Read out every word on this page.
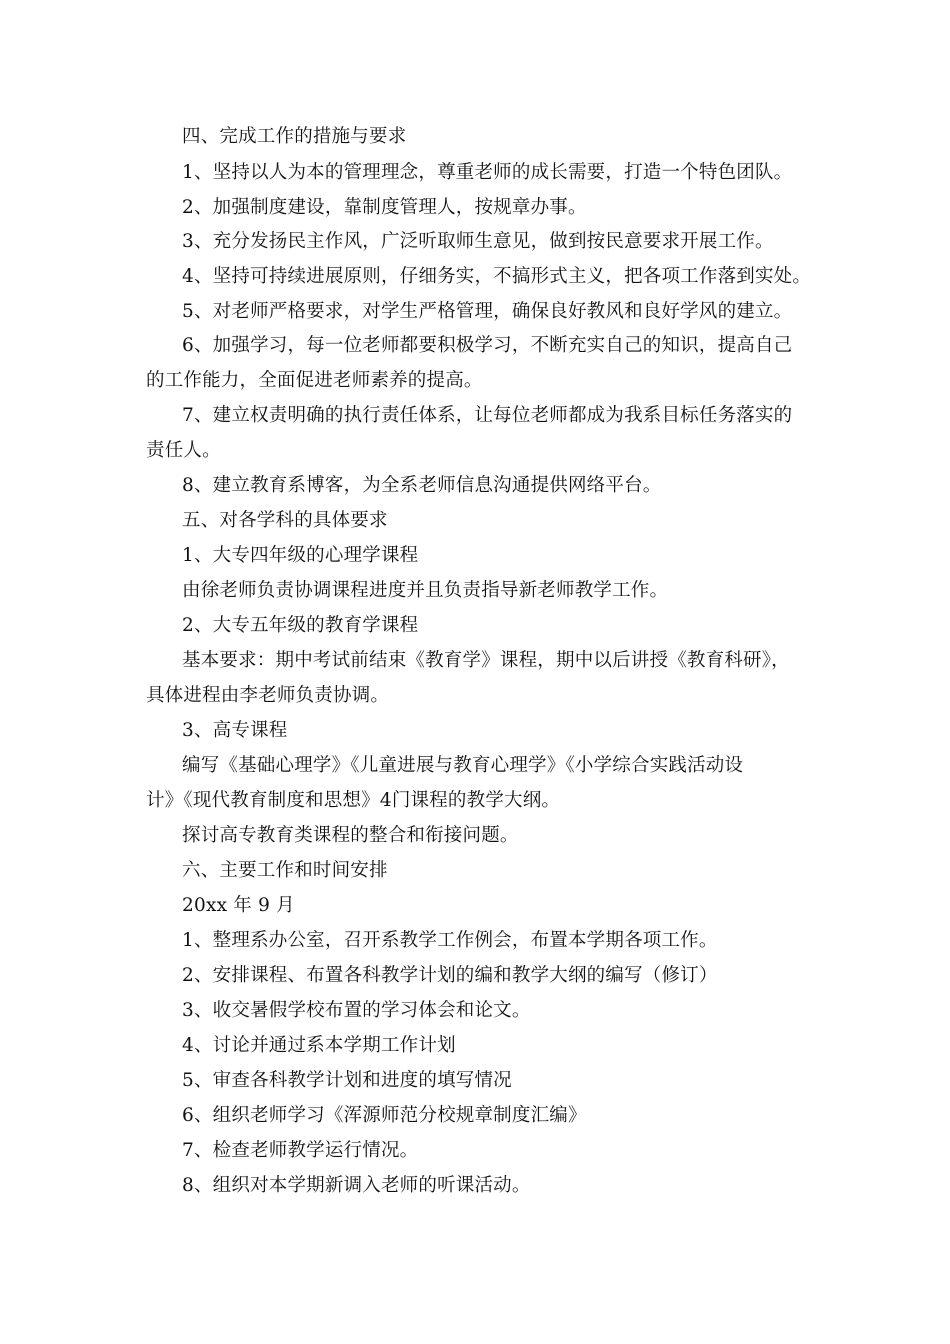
四、完成工作的措施与要求
1、坚持以人为本的管理理念，尊重老师的成长需要，打造一个特色团队。
2、加强制度建设，靠制度管理人，按规章办事。
3、充分发扬民主作风，广泛听取师生意见，做到按民意要求开展工作。
4、坚持可持续进展原则，仔细务实，不搞形式主义，把各项工作落到实处。
5、对老师严格要求，对学生严格管理，确保良好教风和良好学风的建立。
6、加强学习，每一位老师都要积极学习，不断充实自己的知识，提高自己
的工作能力，全面促进老师素养的提高。
7、建立权责明确的执行责任体系，让每位老师都成为我系目标任务落实的
责任人。
8、建立教育系博客，为全系老师信息沟通提供网络平台。
五、对各学科的具体要求
1、大专四年级的心理学课程
由徐老师负责协调课程进度并且负责指导新老师教学工作。
2、大专五年级的教育学课程
基本要求：期中考试前结束《教育学》课程，期中以后讲授《教育科研》，
具体进程由李老师负责协调。
3、高专课程
编写《基础心理学》《儿童进展与教育心理学》《小学综合实践活动设
计》《现代教育制度和思想》4门课程的教学大纲。
探讨高专教育类课程的整合和衔接问题。
六、主要工作和时间安排
20xx 年 9 月
1、整理系办公室，召开系教学工作例会，布置本学期各项工作。
2、安排课程、布置各科教学计划的编和教学大纲的编写（修订）
3、收交暑假学校布置的学习体会和论文。
4、讨论并通过系本学期工作计划
5、审查各科教学计划和进度的填写情况
6、组织老师学习《浑源师范分校规章制度汇编》
7、检查老师教学运行情况。
8、组织对本学期新调入老师的听课活动。
